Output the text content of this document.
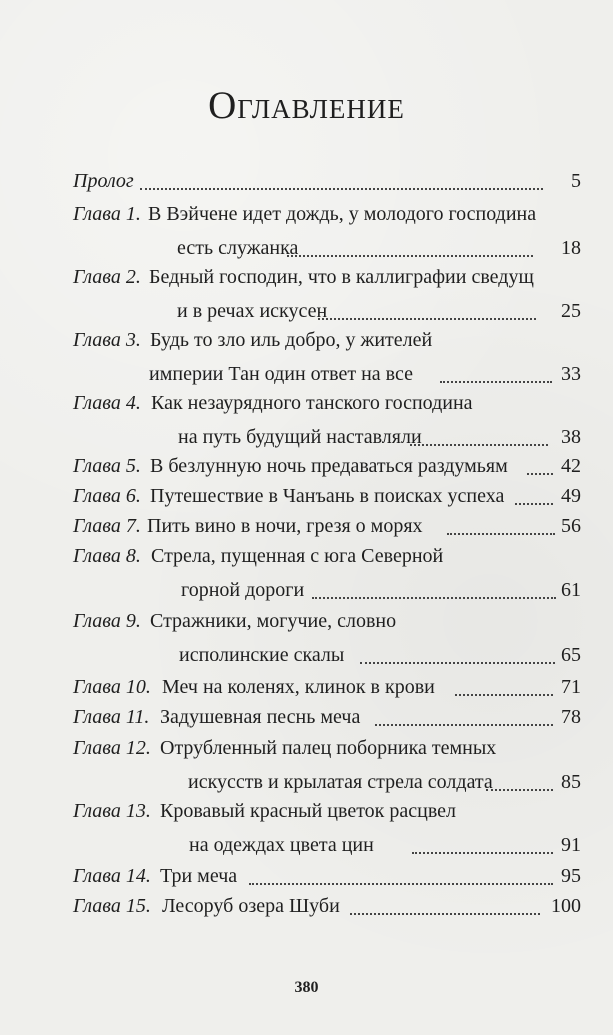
Оглавление
Пролог	5
Глава 1. В Вэйчене идет дождь, у молодого господина
есть служанка	18
Глава 2. Бедный господин, что в каллиграфии сведущ
и в речах искусен	25
Глава 3. Будь то зло иль добро, у жителей
империи Тан один ответ на все	33
Глава 4. Как незаурядного танского господина
на путь будущий наставляли	38
Глава 5. В безлунную ночь предаваться раздумьям	42
Глава 6. Путешествие в Чанъань в поисках успеха	49
Глава 7. Пить вино в ночи, грезя о морях	56
Глава 8. Стрела, пущенная с юга Северной
горной дороги	61
Глава 9. Стражники, могучие, словно
исполинские скалы	65
Глава 10. Меч на коленях, клинок в крови	71
Глава 11. Задушевная песнь меча	78
Глава 12. Отрубленный палец поборника темных
искусств и крылатая стрела солдата	85
Глава 13. Кровавый красный цветок расцвел
на одеждах цвета цин	91
Глава 14. Три меча	95
Глава 15. Лесоруб озера Шуби	100
380
